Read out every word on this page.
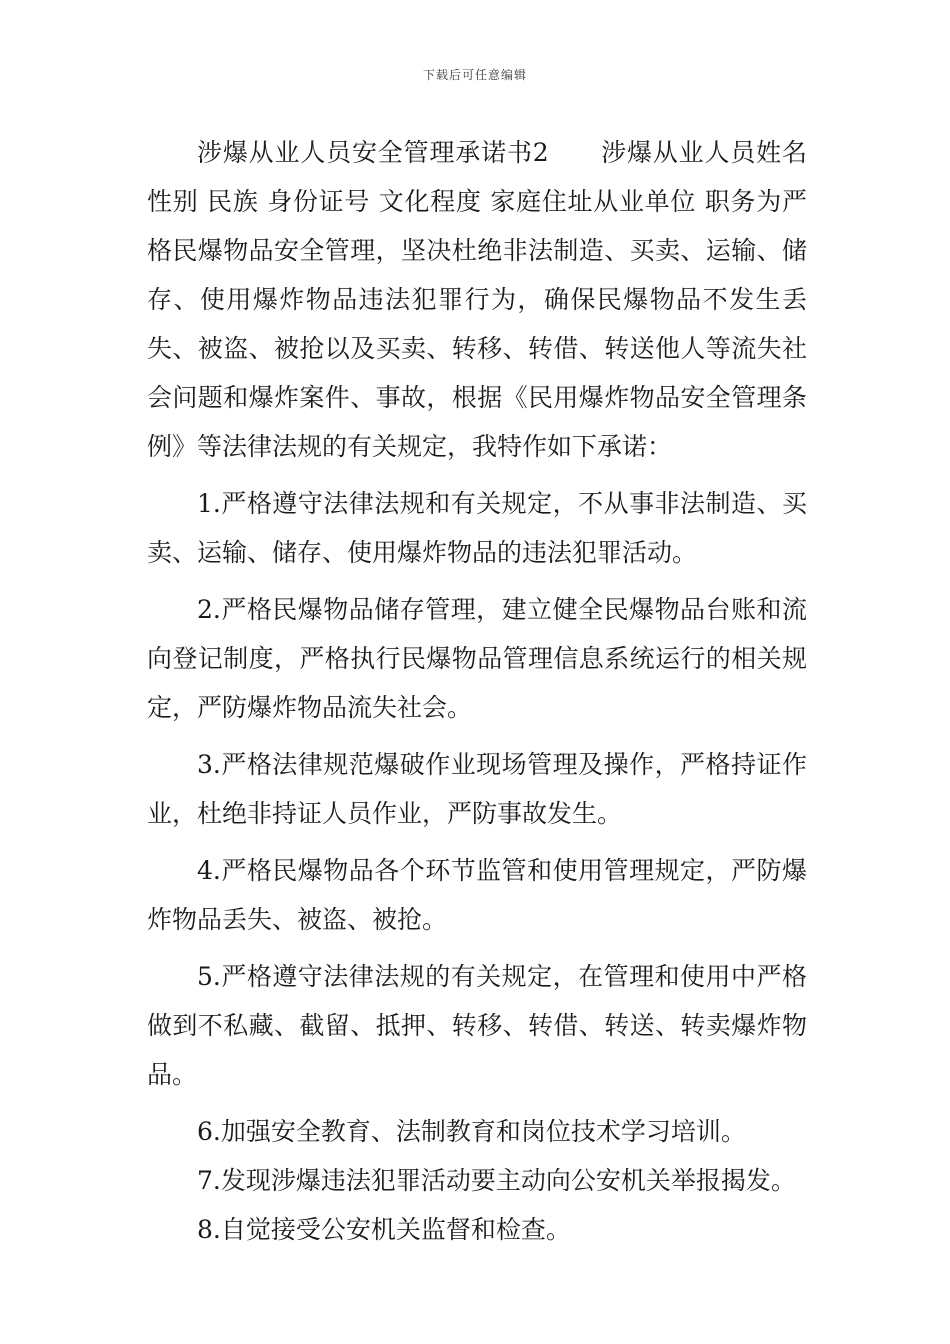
下载后可任意编辑

涉爆从业人员安全管理承诺书2　　涉爆从业人员姓名性别 民族 身份证号 文化程度 家庭住址从业单位 职务为严格民爆物品安全管理，坚决杜绝非法制造、买卖、运输、储存、使用爆炸物品违法犯罪行为，确保民爆物品不发生丢失、被盗、被抢以及买卖、转移、转借、转送他人等流失社会问题和爆炸案件、事故，根据《民用爆炸物品安全管理条例》等法律法规的有关规定，我特作如下承诺：

1.严格遵守法律法规和有关规定，不从事非法制造、买卖、运输、储存、使用爆炸物品的违法犯罪活动。

2.严格民爆物品储存管理，建立健全民爆物品台账和流向登记制度，严格执行民爆物品管理信息系统运行的相关规定，严防爆炸物品流失社会。

3.严格法律规范爆破作业现场管理及操作，严格持证作业，杜绝非持证人员作业，严防事故发生。

4.严格民爆物品各个环节监管和使用管理规定，严防爆炸物品丢失、被盗、被抢。

5.严格遵守法律法规的有关规定，在管理和使用中严格做到不私藏、截留、抵押、转移、转借、转送、转卖爆炸物品。

6.加强安全教育、法制教育和岗位技术学习培训。

7.发现涉爆违法犯罪活动要主动向公安机关举报揭发。

8.自觉接受公安机关监督和检查。
